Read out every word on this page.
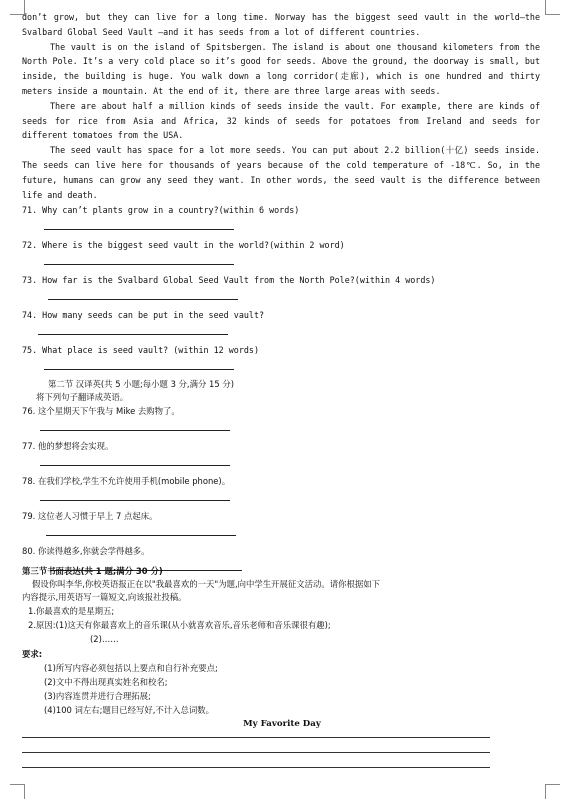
don’t grow, but they can live for a long time. Norway has the biggest seed vault in the world—the Svalbard Global Seed Vault —and it has seeds from a lot of different countries.

The vault is on the island of Spitsbergen. The island is about one thousand kilometers from the North Pole. It’s a very cold place so it’s good for seeds. Above the ground, the doorway is small, but inside, the building is huge. You walk down a long corridor(走廊), which is one hundred and thirty meters inside a mountain. At the end of it, there are three large areas with seeds.

There are about half a million kinds of seeds inside the vault. For example, there are kinds of seeds for rice from Asia and Africa, 32 kinds of seeds for potatoes from Ireland and seeds for different tomatoes from the USA.

The seed vault has space for a lot more seeds. You can put about 2.2 billion(十亿) seeds inside. The seeds can live here for thousands of years because of the cold temperature of -18℃. So, in the future, humans can grow any seed they want. In other words, the seed vault is the difference between life and death.

71. Why can’t plants grow in a country?(within 6 words)

72. Where is the biggest seed vault in the world?(within 2 word)

73. How far is the Svalbard Global Seed Vault from the North Pole?(within 4 words)

74. How many seeds can be put in the seed vault?

75. What place is seed vault? (within 12 words)

第二节 汉译英(共 5 小题;每小题 3 分,满分 15 分)

将下列句子翻译成英语。

76. 这个星期天下午我与 Mike 去购物了。

77. 他的梦想将会实现。

78. 在我们学校,学生不允许使用手机(mobile phone)。

79. 这位老人习惯于早上 7 点起床。

80. 你读得越多,你就会学得越多。

第三节书面表达(共 1 题;满分 30 分)

假设你叫李华,你校英语报正在以"我最喜欢的一天"为题,向中学生开展征文活动。请你根据如下

内容提示,用英语写一篇短文,向该报社投稿。

1.你最喜欢的是星期五;

2.原因:(1)这天有你最喜欢上的音乐课(从小就喜欢音乐,音乐老师和音乐课很有趣);

(2)……

要求:

(1)所写内容必须包括以上要点和自行补充要点;

(2)文中不得出现真实姓名和校名;

(3)内容连贯并进行合理拓展;

(4)100 词左右;题目已经写好,不计入总词数。

My Favorite Day
